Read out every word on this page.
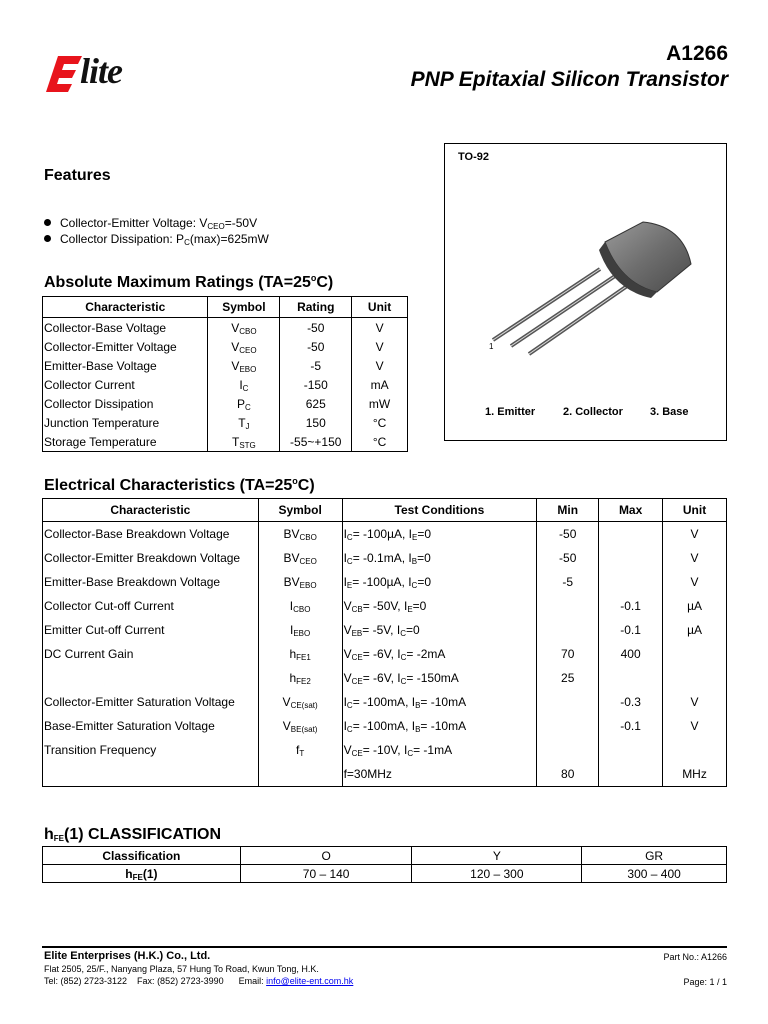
lite	A1266
PNP Epitaxial Silicon Transistor
Features
Collector-Emitter Voltage: $V_{CEO}=-50V$
Collector Dissipation: $P_C(\max)=625mW$
TO-92
1
1. Emitter	2. Collector 3. Base
Absolute Maximum Ratings $(TA=25^oC)$
Characteristic	Symbol	Rating	Unit
Collector-Base Voltage	$V_{CBO}$	-50	V
Collector-Emitter Voltage	$V_{CEO}$	-50	V
Emitter-Base Voltage	$V_{EBO}$	-5	V
Collector Current	$I_C$	-150	mA
Collector Dissipation	$P_C$	625	mW
Junction Temperature	$T_J$	150	°C
Storage Temperature	$T_{STG}$	-55~+150	°C
Electrical Characteristics $(TA=25^oC)$
Characteristic	Symbol	Test Conditions	Min	Max	Unit
Collector-Base Breakdown Voltage	$BV_{CBO}$	$I_C= -100\mu A$, $I_E=0$	-50		V
Collector-Emitter Breakdown Voltage	$BV_{CEO}$	$I_C= -0.1mA$, $I_B=0$	-50		V
Emitter-Base Breakdown Voltage	$BV_{EBO}$	$I_E= -100\mu A$, $I_C=0$	-5		V
Collector Cut-off Current	$I_{CBO}$	$V_{CB}= -50V$, $I_E=0$		-0.1	µA
Emitter Cut-off Current	$I_{EBO}$	$V_{EB}= -5V$, $I_C=0$		-0.1	µA
DC Current Gain	$h_{FE1}$	$V_{CE}= -6V$, $I_C= -2mA$	70	400	
	$h_{FE2}$	$V_{CE}= -6V$, $I_C= -150mA$	25		
Collector-Emitter Saturation Voltage	$V_{CE(sat)}$	$I_C= -100mA$, $I_B= -10mA$		-0.3	V
Base-Emitter Saturation Voltage	$V_{BE(sat)}$	$I_C= -100mA$, $I_B= -10mA$		-0.1	V
Transition Frequency	$f_T$	$V_{CE}= -10V$, $I_C= -1mA$			
		f=30MHz	80		MHz
$h_{FE}(1)$ CLASSIFICATION
Classification	O	Y	GR
$h_{FE}(1)$	70 – 140	120 – 300	300 – 400
Elite Enterprises (H.K.) Co., Ltd.
Flat 2505, 25/F., Nanyang Plaza, 57 Hung To Road, Kwun Tong, H.K.
Tel: (852) 2723-3122    Fax: (852) 2723-3990      Email: info@elite-ent.com.hk
Part No.: A1266
Page: 1 / 1
